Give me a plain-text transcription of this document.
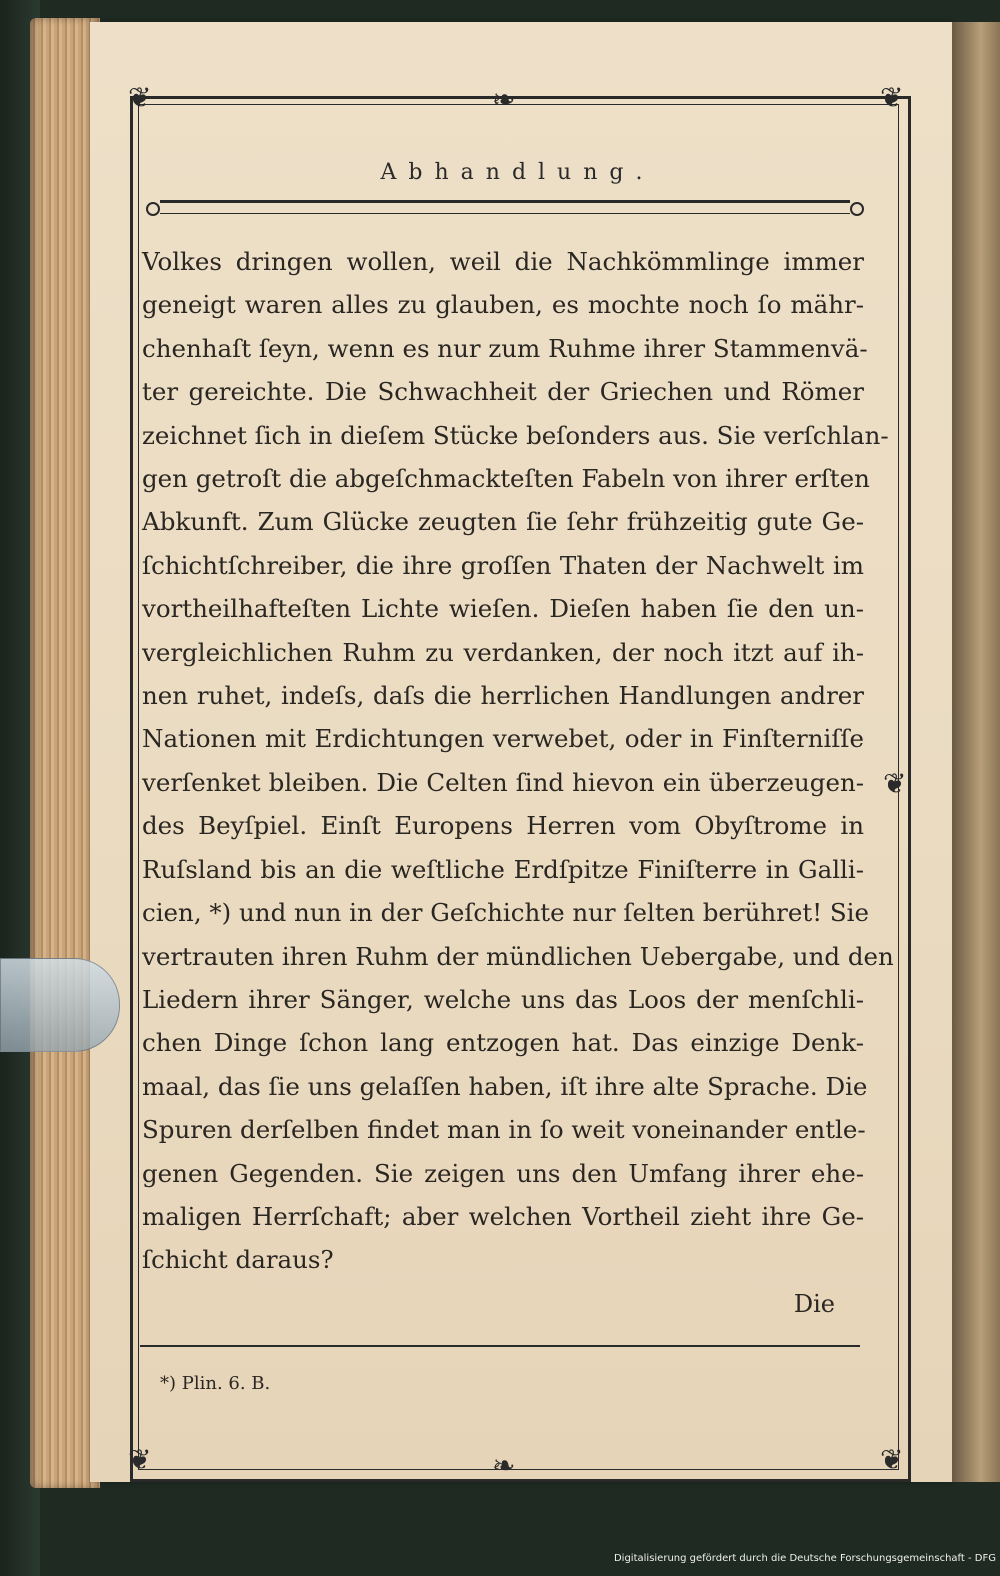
❦	❦
❧
❦	❦
❧
❦
Abhandlung.
Volkes dringen wollen, weil die Nachkömmlinge immer
geneigt waren alles zu glauben, es mochte noch ſo mähr-
chenhaſt ſeyn, wenn es nur zum Ruhme ihrer Stammenvä-
ter gereichte. Die Schwachheit der Griechen und Römer
zeichnet ſich in dieſem Stücke beſonders aus. Sie verſchlan-
gen getroſt die abgeſchmackteſten Fabeln von ihrer erſten
Abkunft. Zum Glücke zeugten ſie ſehr frühzeitig gute Ge-
ſchichtſchreiber, die ihre groſſen Thaten der Nachwelt im
vortheilhafteſten Lichte wieſen. Dieſen haben ſie den un-
vergleichlichen Ruhm zu verdanken, der noch itzt auf ih-
nen ruhet, indeſs, daſs die herrlichen Handlungen andrer
Nationen mit Erdichtungen verwebet, oder in Finſterniſſe
verſenket bleiben. Die Celten ſind hievon ein überzeugen-
des Beyſpiel. Einſt Europens Herren vom Obyſtrome in
Ruſsland bis an die weſtliche Erdſpitze Finiſterre in Galli-
cien, *) und nun in der Geſchichte nur ſelten berühret! Sie
vertrauten ihren Ruhm der mündlichen Uebergabe, und den
Liedern ihrer Sänger, welche uns das Loos der menſchli-
chen Dinge ſchon lang entzogen hat. Das einzige Denk-
maal, das ſie uns gelaſſen haben, iſt ihre alte Sprache. Die
Spuren derſelben findet man in ſo weit voneinander entle-
genen Gegenden. Sie zeigen uns den Umfang ihrer ehe-
maligen Herrſchaft; aber welchen Vortheil zieht ihre Ge-
ſchicht daraus?
Die
*) Plin. 6. B.
Digitalisierung gefördert durch die Deutsche Forschungsgemeinschaft - DFG
